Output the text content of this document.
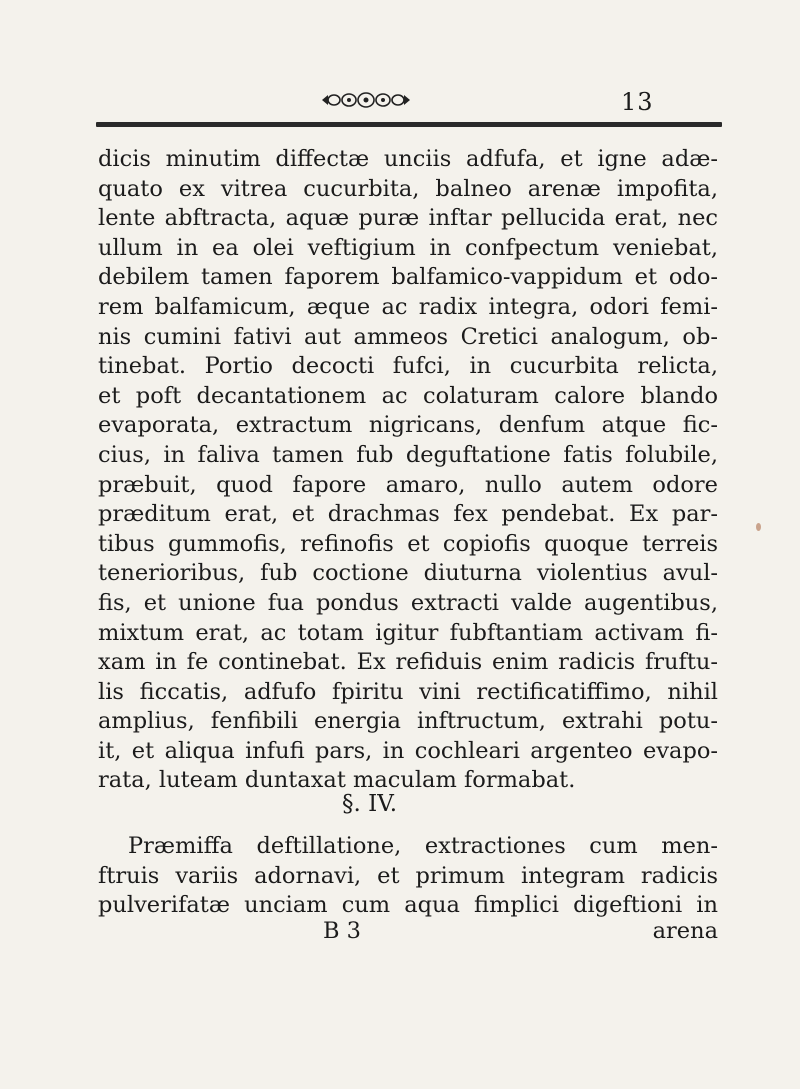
13
dicis minutim diffectæ unciis adfufa, et igne adæ-
quato ex vitrea cucurbita, balneo arenæ impofita,
lente abftracta, aquæ puræ inftar pellucida erat, nec
ullum in ea olei veftigium in confpectum veniebat,
debilem tamen faporem balfamico-vappidum et odo-
rem balfamicum, æque ac radix integra, odori femi-
nis cumini fativi aut ammeos Cretici analogum, ob-
tinebat. Portio decocti fufci, in cucurbita relicta,
et poft decantationem ac colaturam calore blando
evaporata, extractum nigricans, denfum atque fic-
cius, in faliva tamen fub deguftatione fatis folubile,
præbuit, quod fapore amaro, nullo autem odore
præditum erat, et drachmas fex pendebat. Ex par-
tibus gummofis, refinofis et copiofis quoque terreis
tenerioribus, fub coctione diuturna violentius avul-
fis, et unione fua pondus extracti valde augentibus,
mixtum erat, ac totam igitur fubftantiam activam fi-
xam in fe continebat. Ex refiduis enim radicis fruftu-
lis ficcatis, adfufo fpiritu vini rectificatiffimo, nihil
amplius, fenfibili energia inftructum, extrahi potu-
it, et aliqua infufi pars, in cochleari argenteo evapo-
rata, luteam duntaxat maculam formabat.
§. IV.
Præmiffa deftillatione, extractiones cum men-
ftruis variis adornavi, et primum integram radicis
pulverifatæ unciam cum aqua fimplici digeftioni in
B 3	arena
